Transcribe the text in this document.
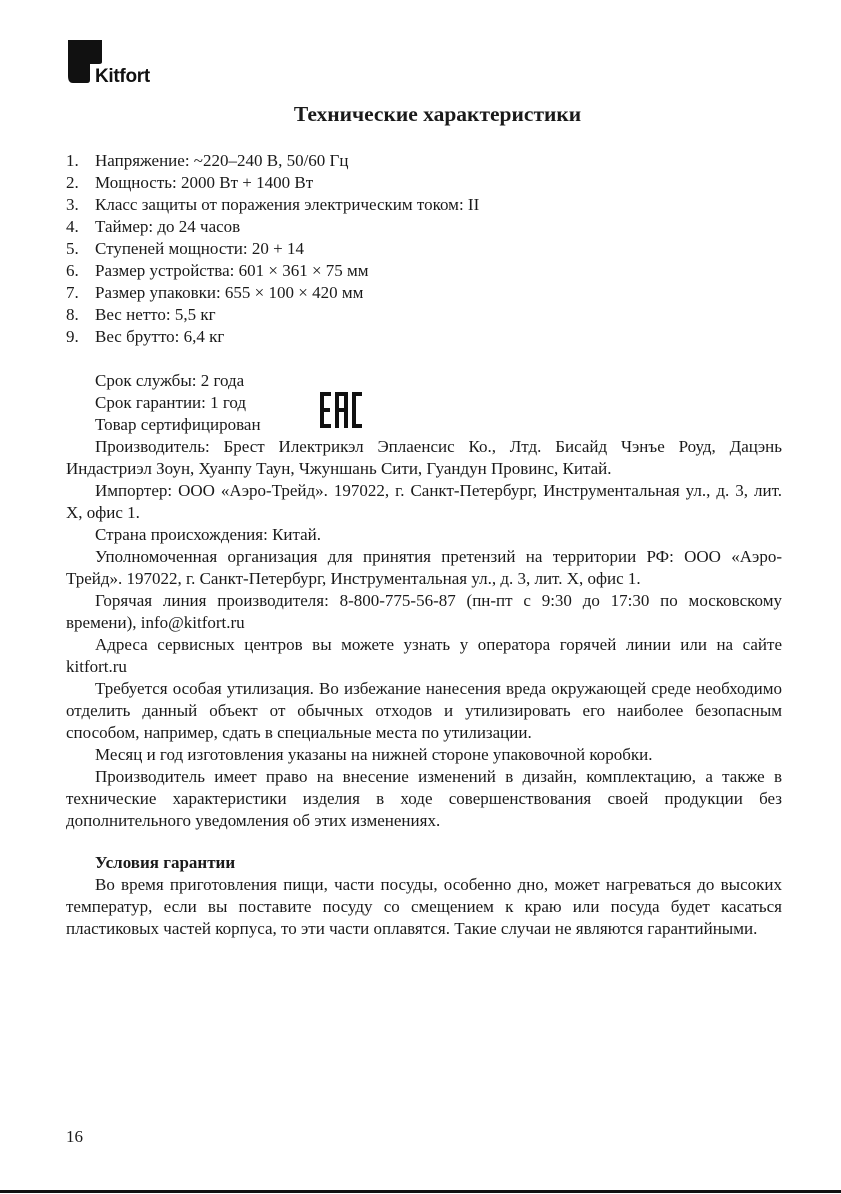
Kitfort
Технические характеристики
1. Напряжение: ~220–240 В, 50/60 Гц
2. Мощность: 2000 Вт + 1400 Вт
3. Класс защиты от поражения электрическим током: II
4. Таймер: до 24 часов
5. Ступеней мощности: 20 + 14
6. Размер устройства: 601 × 361 × 75 мм
7. Размер упаковки: 655 × 100 × 420 мм
8. Вес нетто: 5,5 кг
9. Вес брутто: 6,4 кг
Срок службы: 2 года
Срок гарантии: 1 год
Товар сертифицирован

Производитель: Брест Илектрикэл Эплаенсис Ко., Лтд. Бисайд Чэнъе Роуд, Дацэнь Индастриэл Зоун, Хуанпу Таун, Чжуншань Сити, Гуандун Провинс, Китай.

Импортер: ООО «Аэро-Трейд». 197022, г. Санкт-Петербург, Инструментальная ул., д. 3, лит. Х, офис 1.

Страна происхождения: Китай.

Уполномоченная организация для принятия претензий на территории РФ: ООО «Аэро-Трейд». 197022, г. Санкт-Петербург, Инструментальная ул., д. 3, лит. Х, офис 1.

Горячая линия производителя: 8-800-775-56-87 (пн-пт с 9:30 до 17:30 по московскому времени), info@kitfort.ru

Адреса сервисных центров вы можете узнать у оператора горячей линии или на сайте kitfort.ru

Требуется особая утилизация. Во избежание нанесения вреда окружающей среде необходимо отделить данный объект от обычных отходов и утилизировать его наиболее безопасным способом, например, сдать в специальные места по утилизации.

Месяц и год изготовления указаны на нижней стороне упаковочной коробки.

Производитель имеет право на внесение изменений в дизайн, комплектацию, а также в технические характеристики изделия в ходе совершенствования своей продукции без дополнительного уведомления об этих изменениях.

Условия гарантии

Во время приготовления пищи, части посуды, особенно дно, может нагреваться до высоких температур, если вы поставите посуду со смещением к краю или посуда будет касаться пластиковых частей корпуса, то эти части оплавятся. Такие случаи не являются гарантийными.

16
